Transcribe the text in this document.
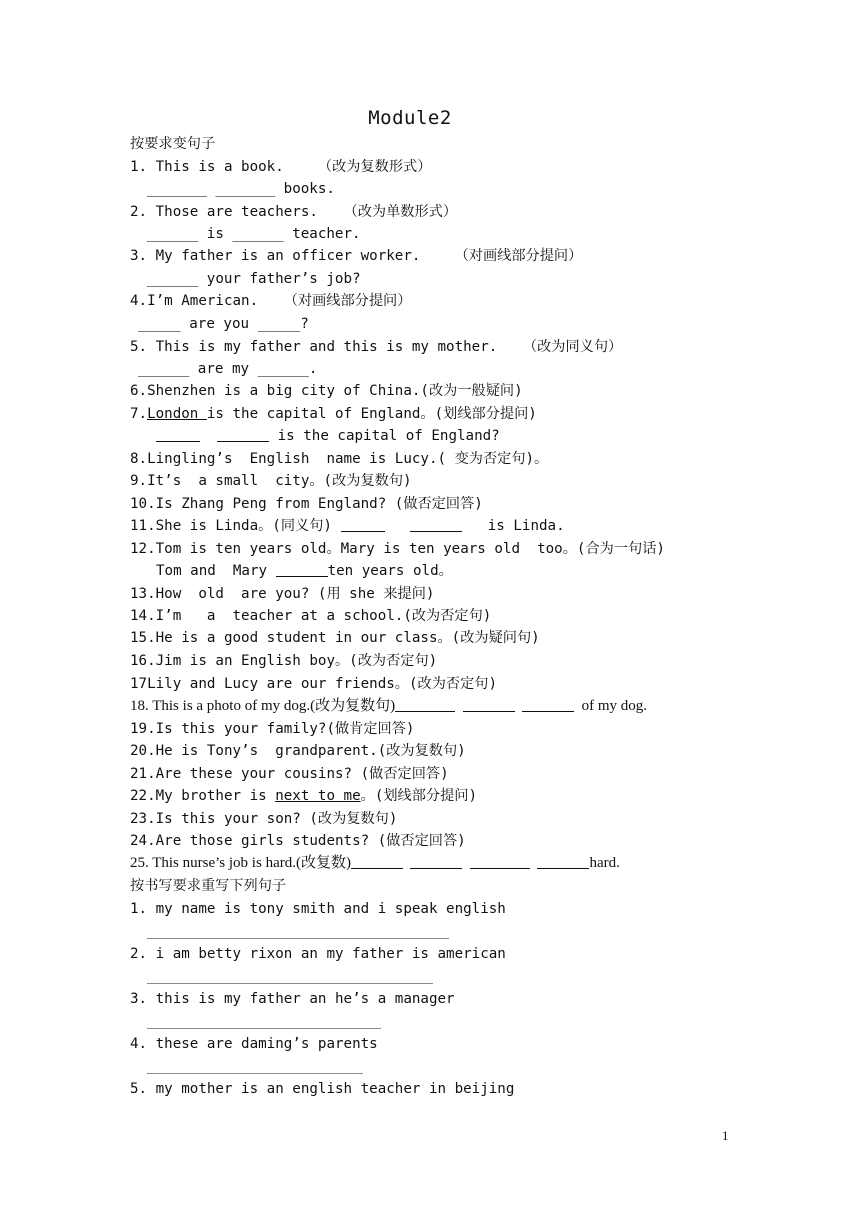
Module2
按要求变句子
1. This is a book.    （改为复数形式）
_______ _______ books.
2. Those are teachers.   （改为单数形式）
______ is ______ teacher.
3. My father is an officer worker.    （对画线部分提问）
______ your father’s job?
4.I’m American.   （对画线部分提问）
_____ are you _____?
5. This is my father and this is my mother.   （改为同义句）
______ are my ______.
6.Shenzhen is a big city of China.(改为一般疑问)
7.London is the capital of England。(划线部分提问)
is the capital of England?
8.Lingling’s  English  name is Lucy.( 变为否定句)。
9.It’s  a small  city。(改为复数句)
10.Is Zhang Peng from England? (做否定回答)
11.She is Linda。(同义句)	is Linda.
12.Tom is ten years old。Mary is ten years old  too。(合为一句话)
Tom and  Mary	ten years old。
13.How  old  are you? (用 she 来提问)
14.I’m   a  teacher at a school.(改为否定句)
15.He is a good student in our class。(改为疑问句)
16.Jim is an English boy。(改为否定句)
17Lily and Lucy are our friends。(改为否定句)
18. This is a photo of my dog.(改为复数句)	of my dog.
19.Is this your family?(做肯定回答)
20.He is Tony’s  grandparent.(改为复数句)
21.Are these your cousins? (做否定回答)
22.My brother is next to me。(划线部分提问)
23.Is this your son? (改为复数句)
24.Are those girls students? (做否定回答)
25. This nurse’s job is hard.(改复数)	hard.
按书写要求重写下列句子
1. my name is tony smith and i speak english
2. i am betty rixon an my father is american
3. this is my father an he’s a manager
4. these are daming’s parents
5. my mother is an english teacher in beijing
1
